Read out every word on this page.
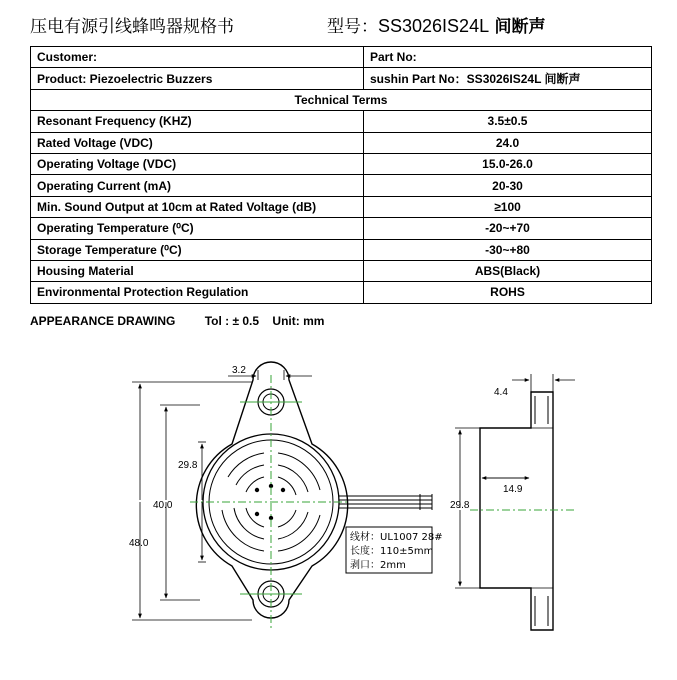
压电有源引线蜂鸣器规格书	型号：SS3026IS24L 间断声
Customer:	Part No:
Product: Piezoelectric Buzzers	sushin Part No：SS3026IS24L 间断声
Technical Terms	
Resonant Frequency (KHZ)	3.5±0.5
Rated Voltage (VDC)	24.0
Operating Voltage (VDC)	15.0-26.0
Operating Current (mA)	20-30
Min. Sound Output at 10cm at Rated Voltage (dB)	≥100
Operating Temperature (⁰C)	-20~+70
Storage Temperature (⁰C)	-30~+80
Housing Material	ABS(Black)
Environmental Protection Regulation	ROHS
APPEARANCE DRAWING Tol : ± 0.5 Unit: mm
3.2
29.8
40.0
48.0
线材：UL1007 28#
长度：110±5mm
剥口：2mm
4.4
14.9
29.8
